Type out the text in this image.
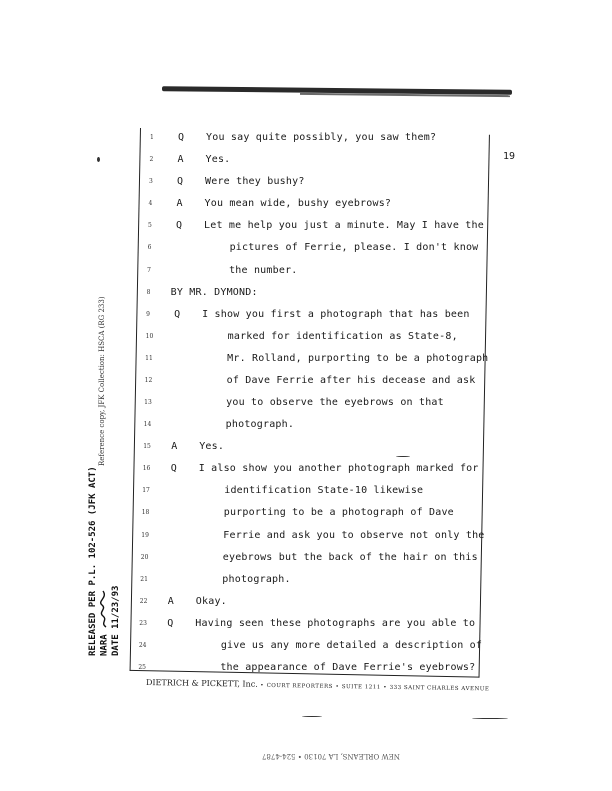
19
1 Q You say quite possibly, you saw them?
2 A Yes.
3 Q Were they bushy?
4 A You mean wide, bushy eyebrows?
5 Q Let me help you just a minute. May I have the
6	pictures of Ferrie, please. I don't know
7	the number.
8 BY MR. DYMOND:
9 Q I show you first a photograph that has been
10	marked for identification as State-8,
11	Mr. Rolland, purporting to be a photograph
12	of Dave Ferrie after his decease and ask
13	you to observe the eyebrows on that
14	photograph.
15 A Yes.
16 Q I also show you another photograph marked for
17	identification State-10 likewise
18	purporting to be a photograph of Dave
19	Ferrie and ask you to observe not only the
20	eyebrows but the back of the hair on this
21	photograph.
22 A Okay.
23 Q Having seen these photographs are you able to
24	give us any more detailed a description of
25	the appearance of Dave Ferrie's eyebrows?
Reference copy, JFK Collection: HSCA (RG 233)
RELEASED PER P.L. 102-526 (JFK ACT) NARA DATE 11/23/93
DIETRICH & PICKETT, Inc. • COURT REPORTERS • SUITE 1211 • 333 SAINT CHARLES AVENUE
NEW ORLEANS, LA 70130 • 524-4787
